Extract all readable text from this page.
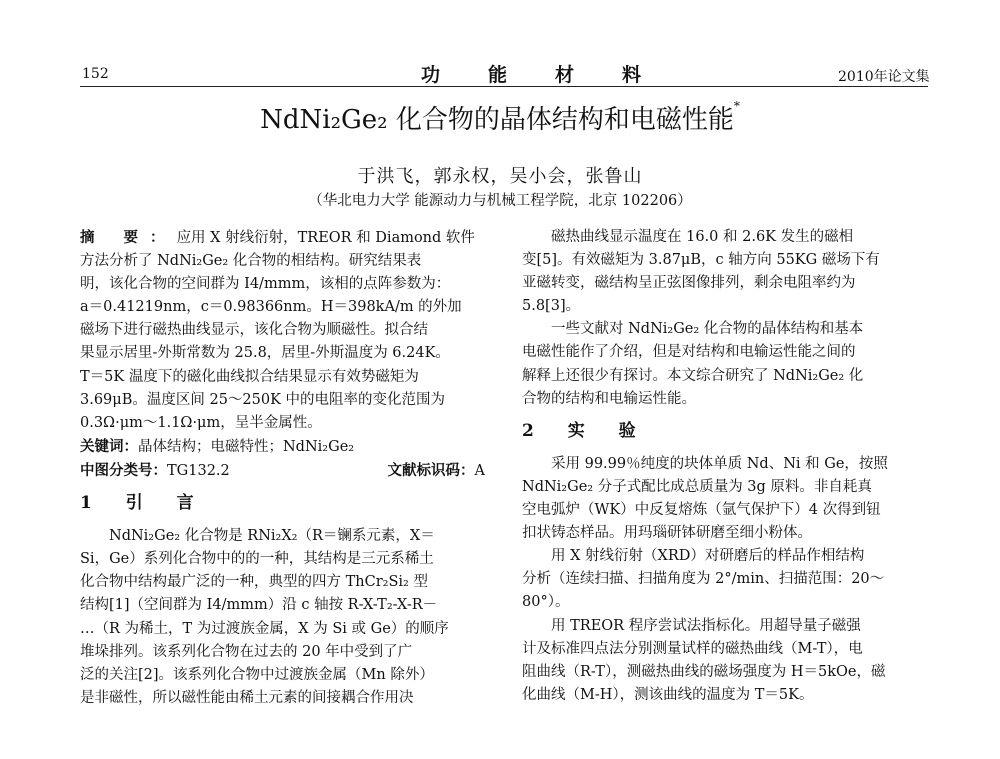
152	功能材料	2010年论文集
NdNi₂Ge₂ 化合物的晶体结构和电磁性能*
于洪飞，郭永权，吴小会，张鲁山
（华北电力大学 能源动力与机械工程学院，北京 102206）

摘 要：应用 X 射线衍射，TREOR 和 Diamond 软件

方法分析了 NdNi₂Ge₂ 化合物的相结构。研究结果表

明，该化合物的空间群为 I4/mmm，该相的点阵参数为：

a＝0.41219nm，c＝0.98366nm。H＝398kA/m 的外加

磁场下进行磁热曲线显示，该化合物为顺磁性。拟合结

果显示居里-外斯常数为 25.8，居里-外斯温度为 6.24K。

T＝5K 温度下的磁化曲线拟合结果显示有效势磁矩为

3.69μB。温度区间 25～250K 中的电阻率的变化范围为

0.3Ω·μm～1.1Ω·μm，呈半金属性。

关键词：晶体结构；电磁特性；NdNi₂Ge₂

中图分类号：TG132.2	文献标识码：A

1 引 言

NdNi₂Ge₂ 化合物是 RNi₂X₂（R＝镧系元素，X＝

Si，Ge）系列化合物中的的一种，其结构是三元系稀土

化合物中结构最广泛的一种，典型的四方 ThCr₂Si₂ 型

结构[1]（空间群为 I4/mmm）沿 c 轴按 R-X-T₂-X-R－

…（R 为稀土，T 为过渡族金属，X 为 Si 或 Ge）的顺序

堆垛排列。该系列化合物在过去的 20 年中受到了广

泛的关注[2]。该系列化合物中过渡族金属（Mn 除外）

是非磁性，所以磁性能由稀土元素的间接耦合作用决

磁热曲线显示温度在 16.0 和 2.6K 发生的磁相

变[5]。有效磁矩为 3.87μB，c 轴方向 55KG 磁场下有

亚磁转变，磁结构呈正弦图像排列，剩余电阻率约为

5.8[3]。

一些文献对 NdNi₂Ge₂ 化合物的晶体结构和基本

电磁性能作了介绍，但是对结构和电输运性能之间的

解释上还很少有探讨。本文综合研究了 NdNi₂Ge₂ 化

合物的结构和电输运性能。

2 实 验

采用 99.99％纯度的块体单质 Nd、Ni 和 Ge，按照

NdNi₂Ge₂ 分子式配比成总质量为 3g 原料。非自耗真

空电弧炉（WK）中反复熔炼（氩气保护下）4 次得到钮

扣状铸态样品。用玛瑙研钵研磨至细小粉体。

用 X 射线衍射（XRD）对研磨后的样品作相结构

分析（连续扫描、扫描角度为 2°/min、扫描范围：20～

80°）。

用 TREOR 程序尝试法指标化。用超导量子磁强

计及标准四点法分别测量试样的磁热曲线（M-T），电

阻曲线（R-T），测磁热曲线的磁场强度为 H＝5kOe，磁

化曲线（M-H），测该曲线的温度为 T＝5K。
